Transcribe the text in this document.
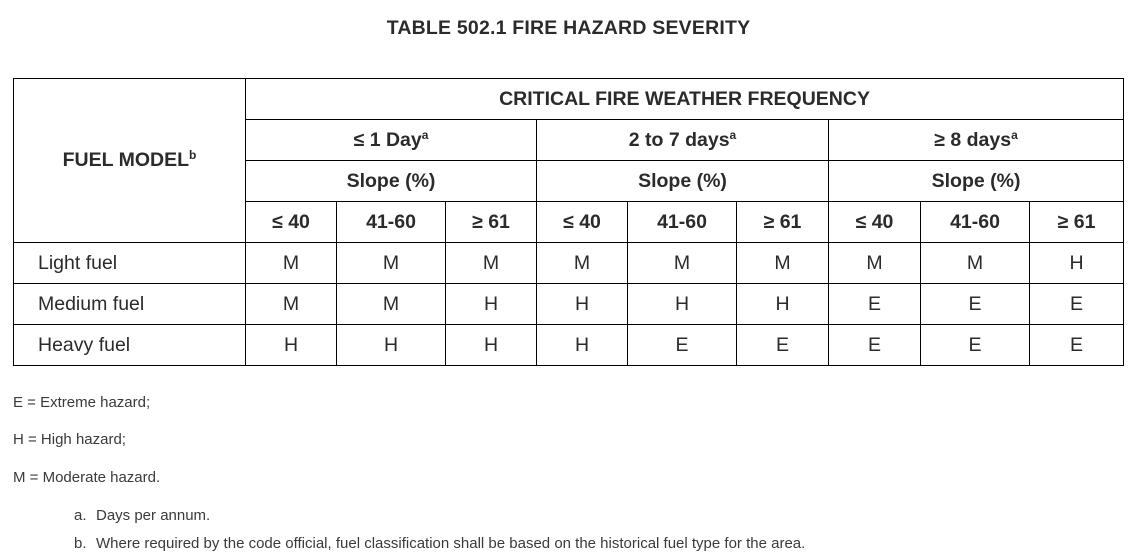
TABLE 502.1 FIRE HAZARD SEVERITY
FUEL MODEL$^b$	CRITICAL FIRE WEATHER FREQUENCY								
	≤ 1 Day$^a$			2 to 7 days$^a$			≥ 8 days$^a$
	Slope (%)			Slope (%)			Slope (%)		
	≤ 40	41-60	≥ 61	≤ 40	41-60	≥ 61	≤ 40	41-60	≥ 61
Light fuel	M	M	M	M	M	M	M	M	H
Medium fuel	M	M	H	H	H	H	E	E	E
Heavy fuel	H	H	H	H	E	E	E	E	E
E = Extreme hazard;
H = High hazard;
M = Moderate hazard.
a. Days per annum.
b. Where required by the code official, fuel classification shall be based on the historical fuel type for the area.
